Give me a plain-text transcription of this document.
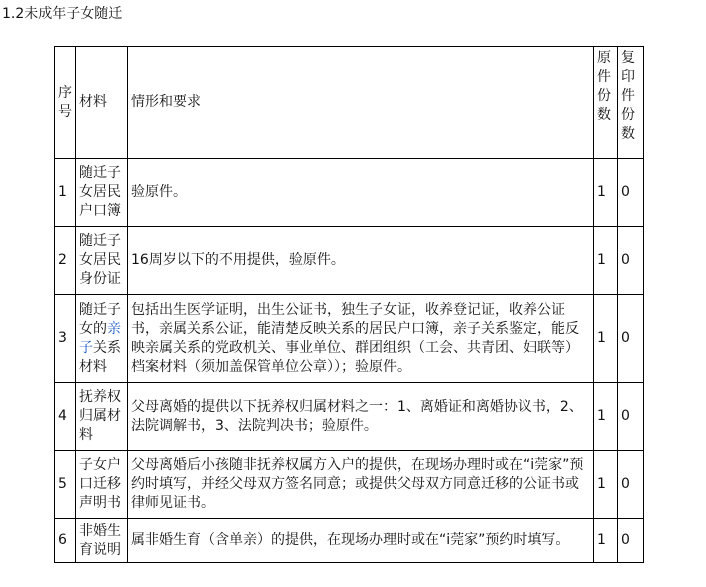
1.2未成年子女随迁
序号	材料	情形和要求	原件份数	复印件份数
1	随迁子女居民户口簿	验原件。	1	0
2	随迁子女居民身份证	16周岁以下的不用提供，验原件。	1	0
3	随迁子女的亲子关系材料	包括出生医学证明，出生公证书，独生子女证，收养登记证，收养公证书，亲属关系公证，能清楚反映关系的居民户口簿，亲子关系鉴定，能反映亲属关系的党政机关、事业单位、群团组织（工会、共青团、妇联等）档案材料（须加盖保管单位公章））；验原件。	1	0
4	抚养权归属材料	父母离婚的提供以下抚养权归属材料之一：1、离婚证和离婚协议书，2、法院调解书，3、法院判决书；验原件。	1	0
5	子女户口迁移声明书	父母离婚后小孩随非抚养权属方入户的提供，在现场办理时或在“i莞家”预约时填写，并经父母双方签名同意；或提供父母双方同意迁移的公证书或律师见证书。	1	0
6	非婚生育说明	属非婚生育（含单亲）的提供，在现场办理时或在“i莞家”预约时填写。	1	0
